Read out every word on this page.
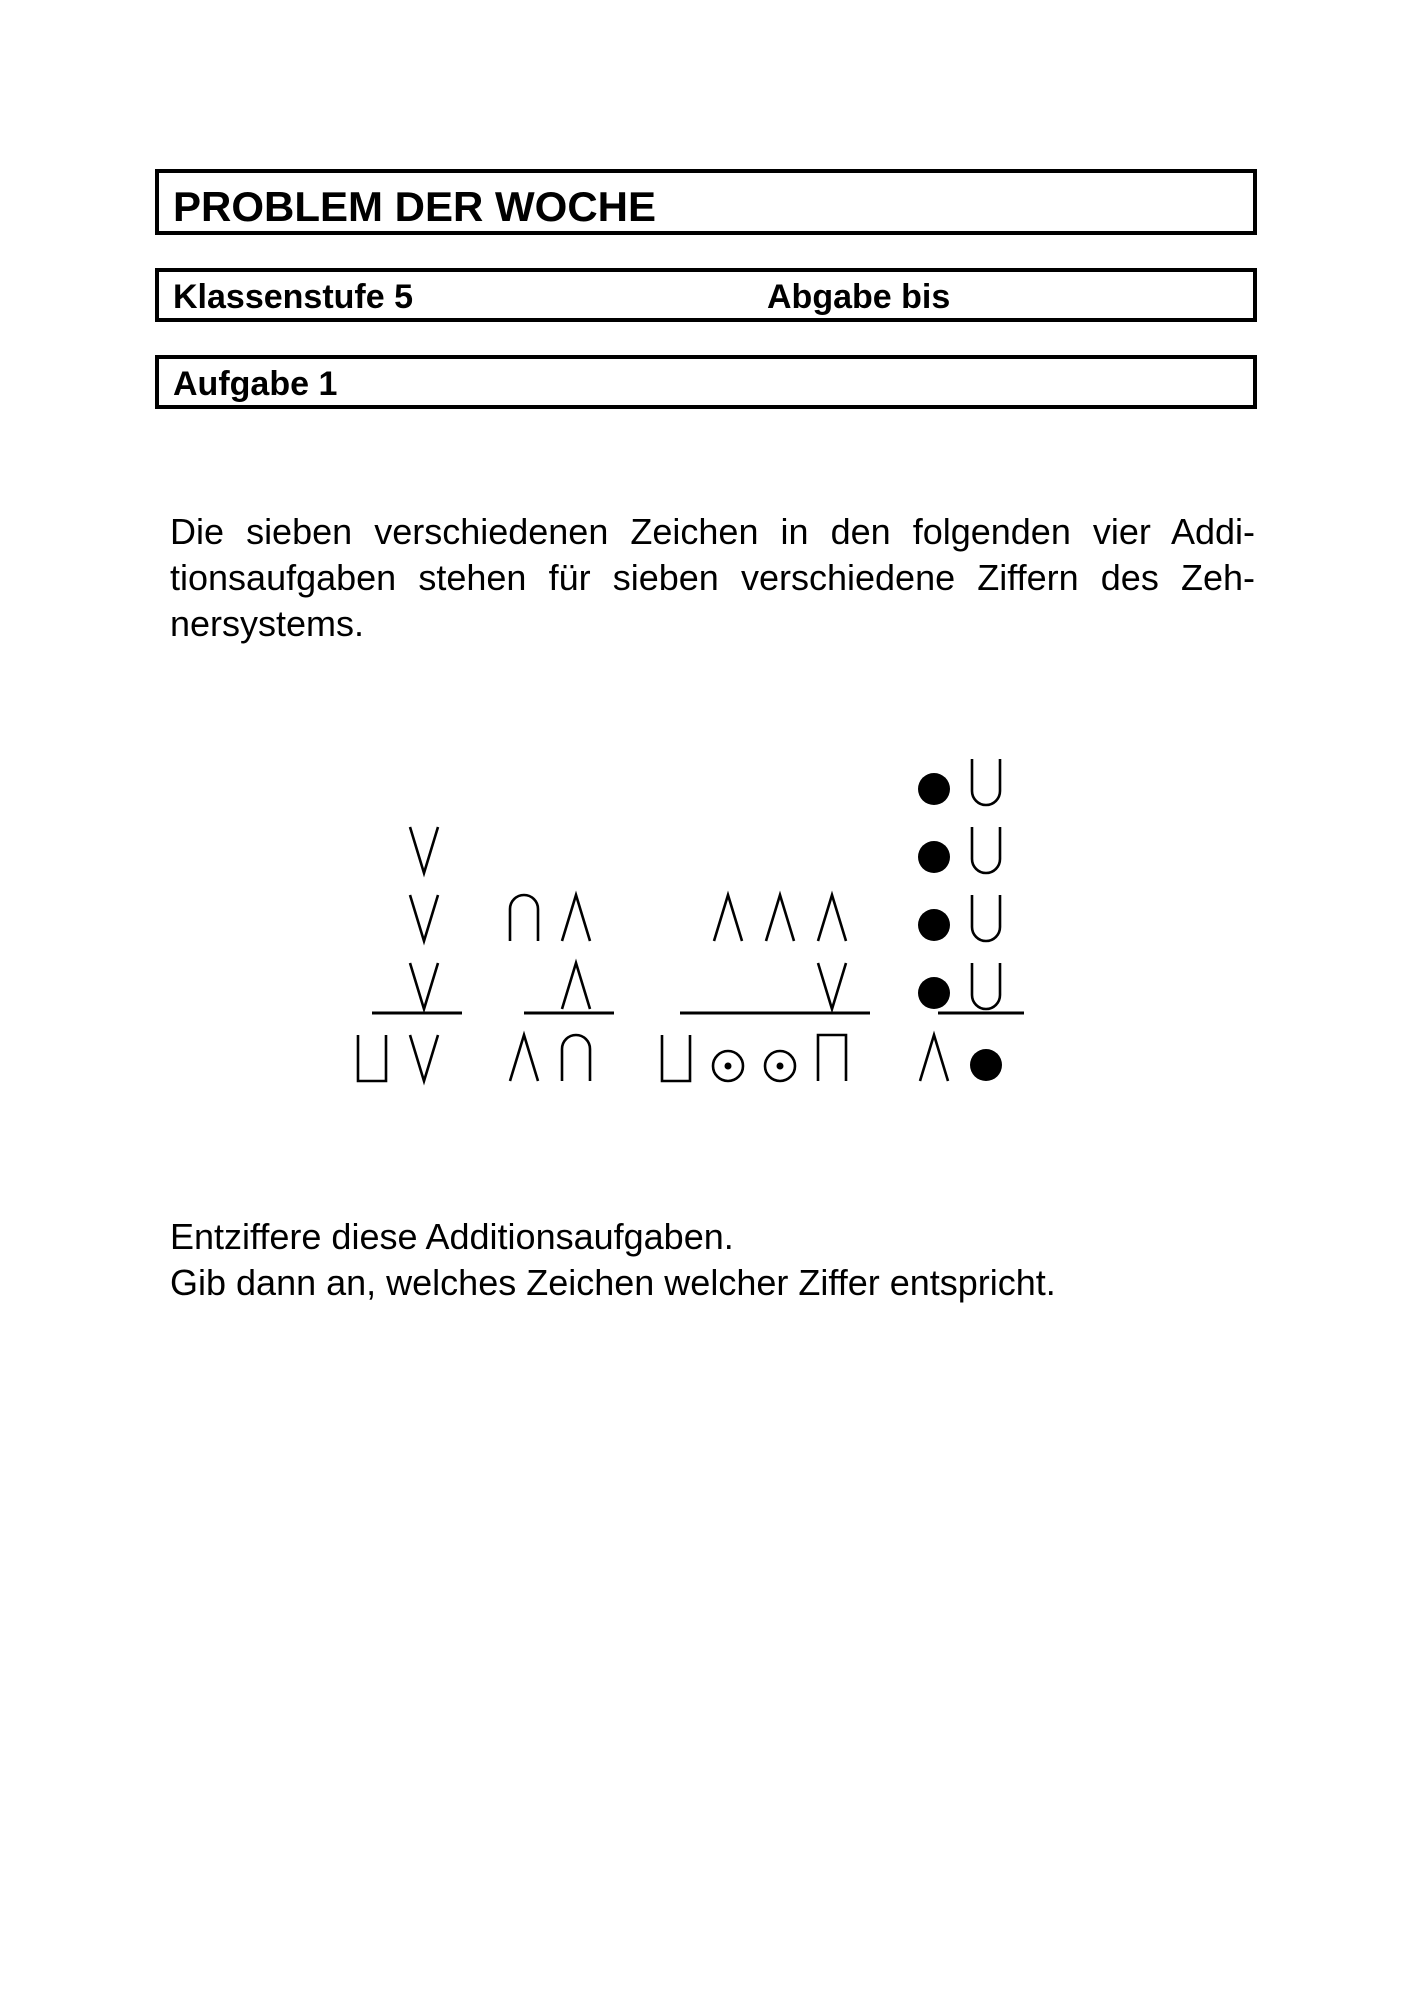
PROBLEM DER WOCHE
Klassenstufe 5	Abgabe bis
Aufgabe 1
Die sieben verschiedenen Zeichen in den folgenden vier Addi-
tionsaufgaben stehen für sieben verschiedene Ziffern des Zeh-
nersystems.
Entziffere diese Additionsaufgaben.
Gib dann an, welches Zeichen welcher Ziffer entspricht.
